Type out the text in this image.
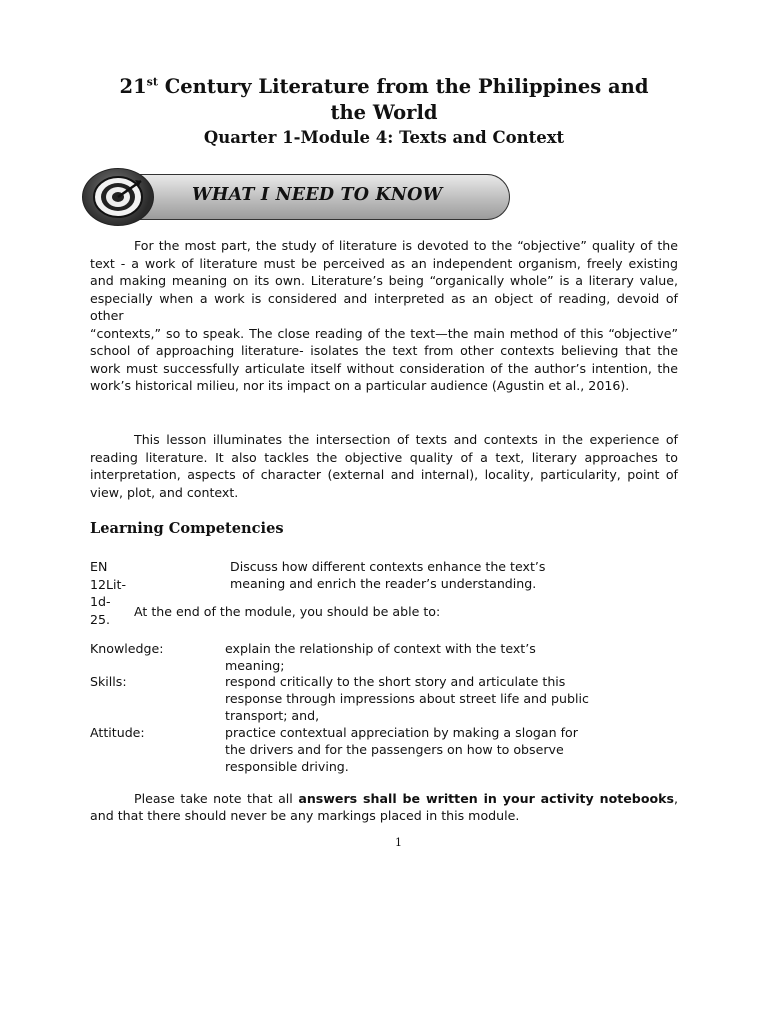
21st Century Literature from the Philippines and
the World
Quarter 1-Module 4: Texts and Context
WHAT I NEED TO KNOW

For the most part, the study of literature is devoted to the “objective” quality of the text - a work of literature must be perceived as an independent organism, freely existing and making meaning on its own. Literature’s being “organically whole” is a literary value, especially when a work is considered and interpreted as an object of reading, devoid of other

“contexts,” so to speak. The close reading of the text—the main method of this “objective” school of approaching literature- isolates the text from other contexts believing that the work must successfully articulate itself without consideration of the author’s intention, the work’s historical milieu, nor its impact on a particular audience (Agustin et al., 2016).

This lesson illuminates the intersection of texts and contexts in the experience of reading literature. It also tackles the objective quality of a text, literary approaches to interpretation, aspects of character (external and internal), locality, particularity, point of view, plot, and context.

Learning Competencies
EN 12Lit-1d-25.
Discuss how different contexts enhance the text’s
meaning and enrich the reader’s understanding.
At the end of the module, you should be able to:
Knowledge:	explain the relationship of context with the text’s
meaning;
Skills:	respond critically to the short story and articulate this
response through impressions about street life and public
transport; and,
Attitude:	practice contextual appreciation by making a slogan for
the drivers and for the passengers on how to observe
responsible driving.

Please take note that all answers shall be written in your activity notebooks, and that there should never be any markings placed in this module.

1
